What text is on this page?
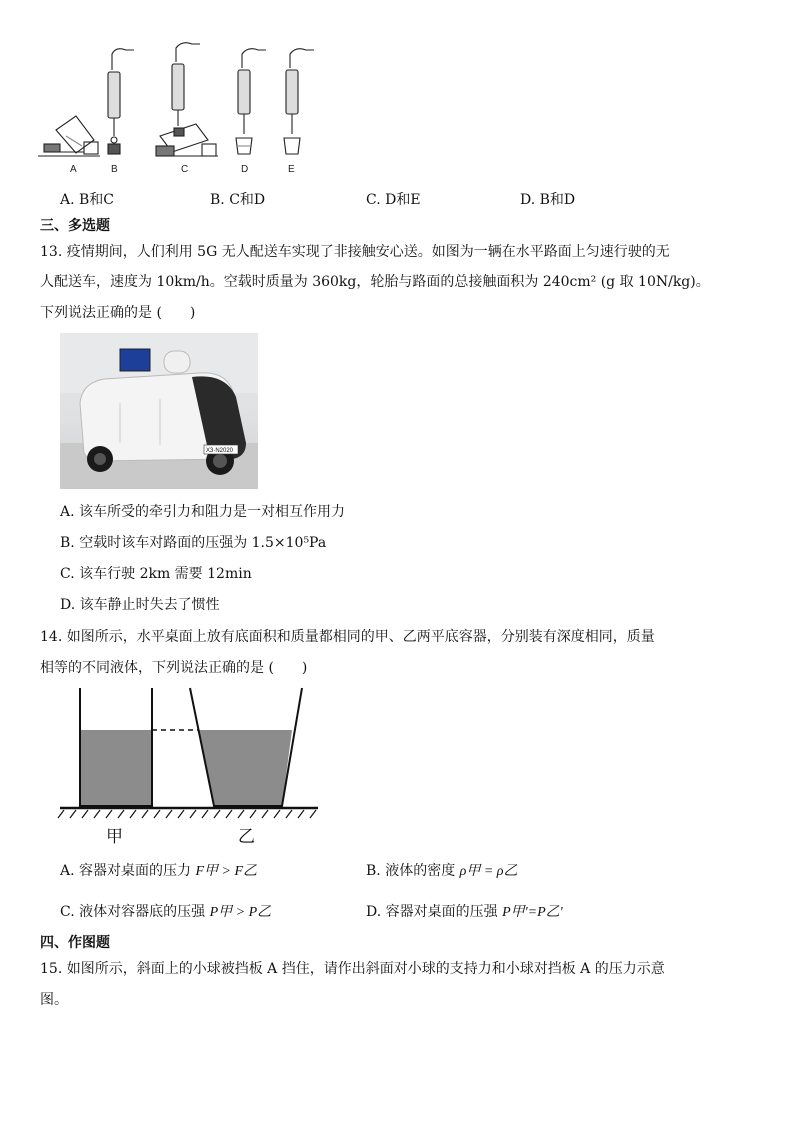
A	B	C	D	E
A. B和C	B. C和D	C. D和E	D. B和D
三、多选题
13. 疫情期间，人们利用 5G 无人配送车实现了非接触安心送。如图为一辆在水平路面上匀速行驶的无
人配送车，速度为 10km/h。空载时质量为 360kg，轮胎与路面的总接触面积为 240cm² (g 取 10N/kg)。
下列说法正确的是 (　　)
X3·N2020
A. 该车所受的牵引力和阻力是一对相互作用力
B. 空载时该车对路面的压强为 1.5×10⁵Pa
C. 该车行驶 2km 需要 12min
D. 该车静止时失去了惯性
14. 如图所示，水平桌面上放有底面积和质量都相同的甲、乙两平底容器，分别装有深度相同，质量
相等的不同液体，下列说法正确的是 (　　)
甲	乙
A. 容器对桌面的压力 F甲 > F乙	B. 液体的密度 ρ甲 = ρ乙
C. 液体对容器底的压强 P甲 > P乙	D. 容器对桌面的压强 P甲'=P乙'
四、作图题
15. 如图所示，斜面上的小球被挡板 A 挡住，请作出斜面对小球的支持力和小球对挡板 A 的压力示意
图。
